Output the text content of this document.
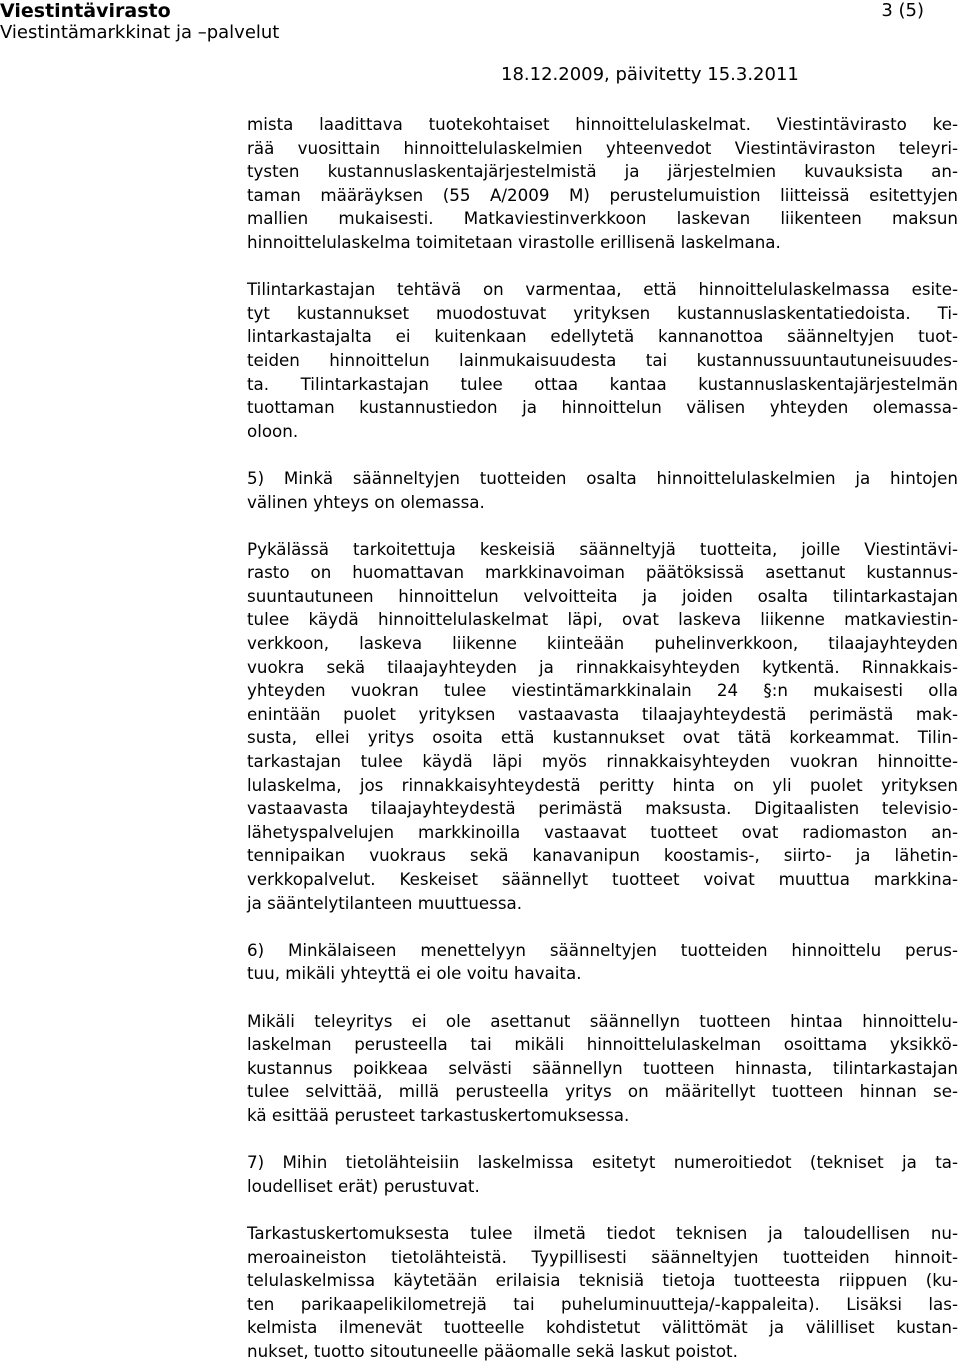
Viestintävirasto
Viestintämarkkinat ja –palvelut
3 (5)
18.12.2009, päivitetty 15.3.2011

mista laadittava tuotekohtaiset hinnoittelulaskelmat. Viestintävirasto ke-
rää vuosittain hinnoittelulaskelmien yhteenvedot Viestintäviraston teleyri-
tysten kustannuslaskentajärjestelmistä ja järjestelmien kuvauksista an-
taman määräyksen (55 A/2009 M) perustelumuistion liitteissä esitettyjen
mallien mukaisesti. Matkaviestinverkkoon laskevan liikenteen maksun
hinnoittelulaskelma toimitetaan virastolle erillisenä laskelmana.

Tilintarkastajan tehtävä on varmentaa, että hinnoittelulaskelmassa esite-
tyt kustannukset muodostuvat yrityksen kustannuslaskentatiedoista. Ti-
lintarkastajalta ei kuitenkaan edellytetä kannanottoa säänneltyjen tuot-
teiden hinnoittelun lainmukaisuudesta tai kustannussuuntautuneisuudes-
ta. Tilintarkastajan tulee ottaa kantaa kustannuslaskentajärjestelmän
tuottaman kustannustiedon ja hinnoittelun välisen yhteyden olemassa-
oloon.

5) Minkä säänneltyjen tuotteiden osalta hinnoittelulaskelmien ja hintojen
välinen yhteys on olemassa.

Pykälässä tarkoitettuja keskeisiä säänneltyjä tuotteita, joille Viestintävi-
rasto on huomattavan markkinavoiman päätöksissä asettanut kustannus-
suuntautuneen hinnoittelun velvoitteita ja joiden osalta tilintarkastajan
tulee käydä hinnoittelulaskelmat läpi, ovat laskeva liikenne matkaviestin-
verkkoon, laskeva liikenne kiinteään puhelinverkkoon, tilaajayhteyden
vuokra sekä tilaajayhteyden ja rinnakkaisyhteyden kytkentä. Rinnakkais-
yhteyden vuokran tulee viestintämarkkinalain 24 §:n mukaisesti olla
enintään puolet yrityksen vastaavasta tilaajayhteydestä perimästä mak-
susta, ellei yritys osoita että kustannukset ovat tätä korkeammat. Tilin-
tarkastajan tulee käydä läpi myös rinnakkaisyhteyden vuokran hinnoitte-
lulaskelma, jos rinnakkaisyhteydestä peritty hinta on yli puolet yrityksen
vastaavasta tilaajayhteydestä perimästä maksusta. Digitaalisten televisio-
lähetyspalvelujen markkinoilla vastaavat tuotteet ovat radiomaston an-
tennipaikan vuokraus sekä kanavanipun koostamis-, siirto- ja lähetin-
verkkopalvelut. Keskeiset säännellyt tuotteet voivat muuttua markkina-
ja sääntelytilanteen muuttuessa.

6) Minkälaiseen menettelyyn säänneltyjen tuotteiden hinnoittelu perus-
tuu, mikäli yhteyttä ei ole voitu havaita.

Mikäli teleyritys ei ole asettanut säännellyn tuotteen hintaa hinnoittelu-
laskelman perusteella tai mikäli hinnoittelulaskelman osoittama yksikkö-
kustannus poikkeaa selvästi säännellyn tuotteen hinnasta, tilintarkastajan
tulee selvittää, millä perusteella yritys on määritellyt tuotteen hinnan se-
kä esittää perusteet tarkastuskertomuksessa.

7) Mihin tietolähteisiin laskelmissa esitetyt numeroitiedot (tekniset ja ta-
loudelliset erät) perustuvat.

Tarkastuskertomuksesta tulee ilmetä tiedot teknisen ja taloudellisen nu-
meroaineiston tietolähteistä. Tyypillisesti säänneltyjen tuotteiden hinnoit-
telulaskelmissa käytetään erilaisia teknisiä tietoja tuotteesta riippuen (ku-
ten parikaapelikilometrejä tai puheluminuutteja/-kappaleita). Lisäksi las-
kelmista ilmenevät tuotteelle kohdistetut välittömät ja välilliset kustan-
nukset, tuotto sitoutuneelle pääomalle sekä laskut poistot.
